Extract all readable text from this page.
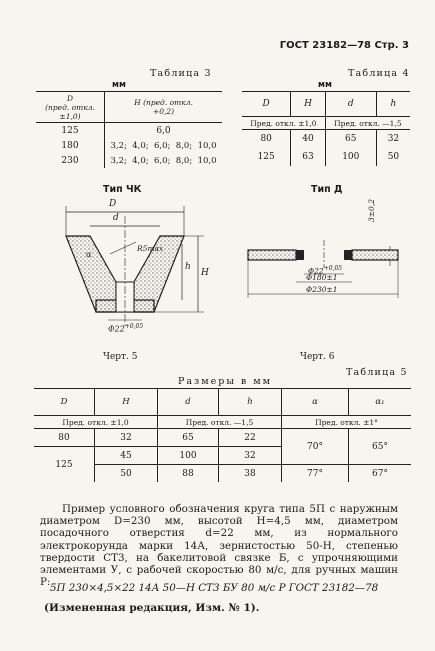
ГОСТ 23182—78 Стр. 3
Таблица 3
мм
D
(пред. откл.
±1,0)	H (пред. откл.
+0,2)
125	6,0
180	3,2;  4,0;  6,0;  8,0;  10,0
230	3,2;  4,0;  6,0;  8,0;  10,0
Таблица 4
мм
D	H	d	h
Пред. откл. ±1,0		Пред. откл. —1,5	
80	40	65	32
125	63	100	50
Тип ЧК
D
d
R5max
α
H
h
$\Phi 22^{+0,05}$
Черт. 5
Тип Д
3±0,2
$\Phi 22^{+0,05}$
Φ180±1
Φ230±1
Черт. 6
Размеры в мм
Таблица 5
D	H	d	h	α	α₁
Пред. откл. ±1,0		Пред. откл. —1,5		Пред. откл. ±1°	
80	32	65	22	70°	65°
125	45	100	32		
	50	88	38	77°	67°
Пример условного обозначения круга типа 5П с наружным диаметром D=230 мм, высотой H=4,5 мм, диаметром посадочного отверстия d=22 мм, из нормального электрокорунда марки 14А, зернистостью 50-Н, степенью твердости СТ3, на бакелитовой связке Б, с упрочняющими элементами У, с рабочей скоростью 80 м/с, для ручных машин Р: 5П 230×4,5×22 14А 50—Н СТ3 БУ 80 м/с Р ГОСТ 23182—78
(Измененная редакция, Изм. № 1).
